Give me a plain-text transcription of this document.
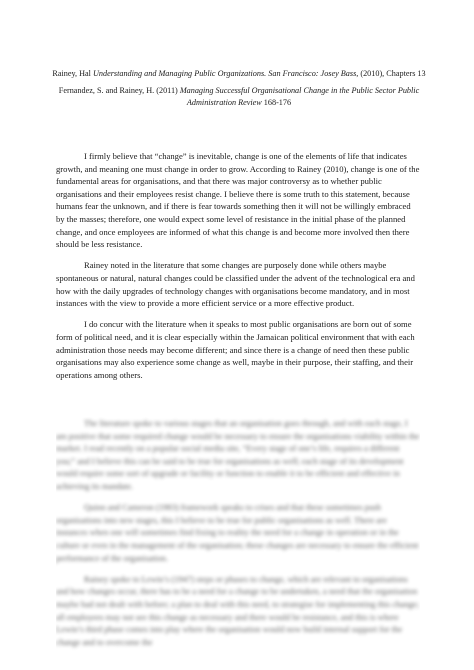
Rainey, Hal Understanding and Managing Public Organizations. San Francisco: Josey Bass, (2010), Chapters 13

Fernandez, S. and Rainey, H. (2011) Managing Successful Organisational Change in the Public Sector Public Administration Review 168-176

I firmly believe that “change” is inevitable, change is one of the elements of life that indicates growth, and meaning one must change in order to grow. According to Rainey (2010), change is one of the fundamental areas for organisations, and that there was major controversy as to whether public organisations and their employees resist change. I believe there is some truth to this statement, because humans fear the unknown, and if there is fear towards something then it will not be willingly embraced by the masses; therefore, one would expect some level of resistance in the initial phase of the planned change, and once employees are informed of what this change is and become more involved then there should be less resistance.

Rainey noted in the literature that some changes are purposely done while others maybe spontaneous or natural, natural changes could be classified under the advent of the technological era and how with the daily upgrades of technology changes with organisations become mandatory, and in most instances with the view to provide a more efficient service or a more effective product.

I do concur with the literature when it speaks to most public organisations are born out of some form of political need, and it is clear especially within the Jamaican political environment that with each administration those needs may become different; and since there is a change of need then these public organisations may also experience some change as well, maybe in their purpose, their staffing, and their operations among others.

The literature spoke to various stages that an organisation goes through, and with each stage, I am positive that some required change would be necessary to ensure the organisations viability within the market. I read recently on a popular social media site, “Every stage of one’s life, requires a different you;” and I believe this can be said to be true for organisations as well; each stage of its development would require some sort of upgrade or facility or function to enable it to be efficient and effective in achieving its mandate.

Quinn and Cameron (1983) framework speaks to crises and that these sometimes push organisations into new stages, this I believe to be true for public organisations as well. There are instances when one will sometimes find fixing to reality the need for a change in operation or in the culture or even in the management of the organisation; these changes are necessary to ensure the efficient performance of the organisation.

Rainey spoke to Lewin’s (1947) steps or phases to change, which are relevant to organisations and how changes occur, there has to be a need for a change to be undertaken, a need that the organisation maybe had not dealt with before; a plan to deal with this need, to strategise for implementing this change; all employees may not see this change as necessary and there would be resistance, and this is where Lewin’s third phase comes into play where the organisation would now build internal support for the change and to overcome the
